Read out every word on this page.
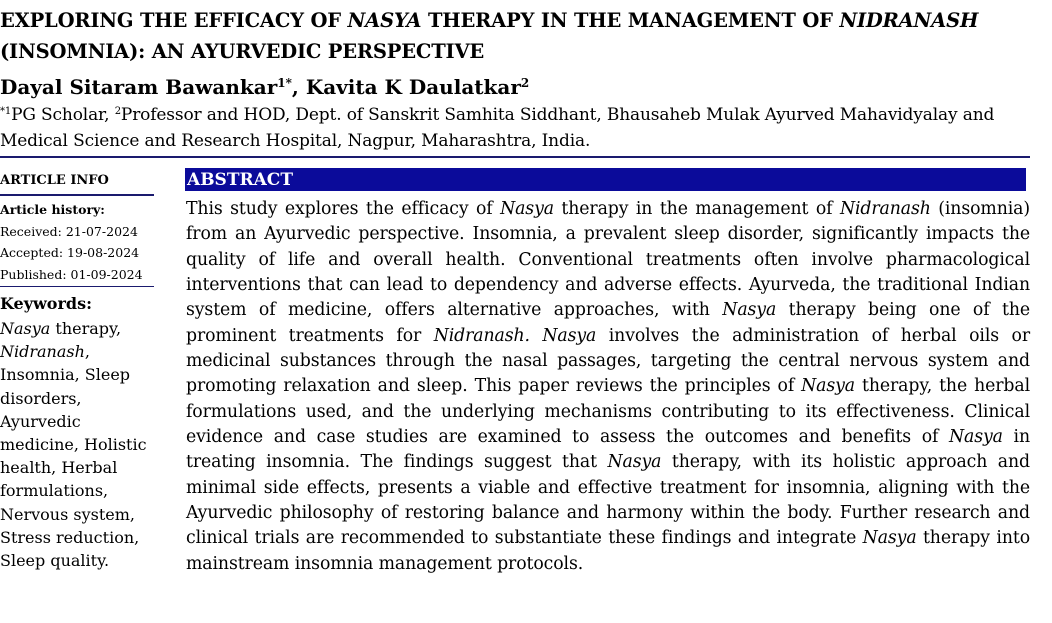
EXPLORING THE EFFICACY OF NASYA THERAPY IN THE MANAGEMENT OF NIDRANASH
(INSOMNIA): AN AYURVEDIC PERSPECTIVE
Dayal Sitaram Bawankar$^{1*}$, Kavita K Daulatkar$^2$
$^{*1}$PG Scholar, $^2$Professor and HOD, Dept. of Sanskrit Samhita Siddhant, Bhausaheb Mulak Ayurved Mahavidyalay and Medical Science and Research Hospital, Nagpur, Maharashtra, India.
ARTICLE INFO
Article history:
Received: 21-07-2024
Accepted: 19-08-2024
Published: 01-09-2024
Keywords:
Nasya therapy,
Nidranash,
Insomnia, Sleep disorders, Ayurvedic medicine, Holistic health, Herbal formulations, Nervous system, Stress reduction, Sleep quality.
ABSTRACT
This study explores the efficacy of Nasya therapy in the management of Nidranash (insomnia) from an Ayurvedic perspective. Insomnia, a prevalent sleep disorder, significantly impacts the quality of life and overall health. Conventional treatments often involve pharmacological interventions that can lead to dependency and adverse effects. Ayurveda, the traditional Indian system of medicine, offers alternative approaches, with Nasya therapy being one of the prominent treatments for Nidranash. Nasya involves the administration of herbal oils or medicinal substances through the nasal passages, targeting the central nervous system and promoting relaxation and sleep. This paper reviews the principles of Nasya therapy, the herbal formulations used, and the underlying mechanisms contributing to its effectiveness. Clinical evidence and case studies are examined to assess the outcomes and benefits of Nasya in treating insomnia. The findings suggest that Nasya therapy, with its holistic approach and minimal side effects, presents a viable and effective treatment for insomnia, aligning with the Ayurvedic philosophy of restoring balance and harmony within the body. Further research and clinical trials are recommended to substantiate these findings and integrate Nasya therapy into mainstream insomnia management protocols.
